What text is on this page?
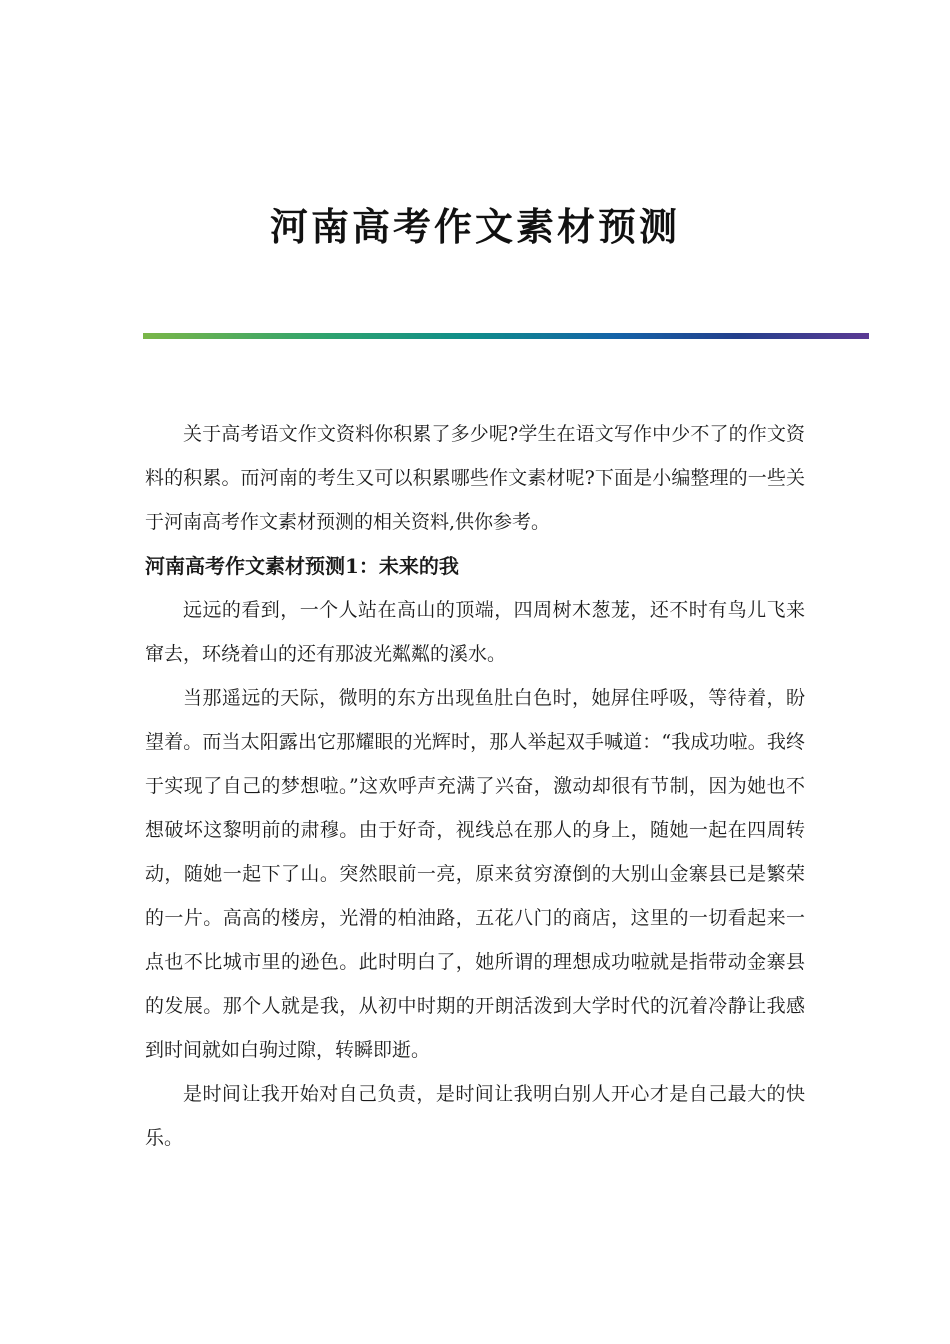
河南高考作文素材预测

关于高考语文作文资料你积累了多少呢?学生在语文写作中少不了的作文资料的积累。而河南的考生又可以积累哪些作文素材呢?下面是小编整理的一些关于河南高考作文素材预测的相关资料,供你参考。

河南高考作文素材预测1：未来的我

远远的看到，一个人站在高山的顶端，四周树木葱茏，还不时有鸟儿飞来窜去，环绕着山的还有那波光粼粼的溪水。

当那遥远的天际，微明的东方出现鱼肚白色时，她屏住呼吸，等待着，盼望着。而当太阳露出它那耀眼的光辉时，那人举起双手喊道：“我成功啦。我终于实现了自己的梦想啦。”这欢呼声充满了兴奋，激动却很有节制，因为她也不想破坏这黎明前的肃穆。由于好奇，视线总在那人的身上，随她一起在四周转动，随她一起下了山。突然眼前一亮，原来贫穷潦倒的大别山金寨县已是繁荣的一片。高高的楼房，光滑的柏油路，五花八门的商店，这里的一切看起来一点也不比城市里的逊色。此时明白了，她所谓的理想成功啦就是指带动金寨县的发展。那个人就是我，从初中时期的开朗活泼到大学时代的沉着冷静让我感到时间就如白驹过隙，转瞬即逝。

是时间让我开始对自己负责，是时间让我明白别人开心才是自己最大的快乐。
